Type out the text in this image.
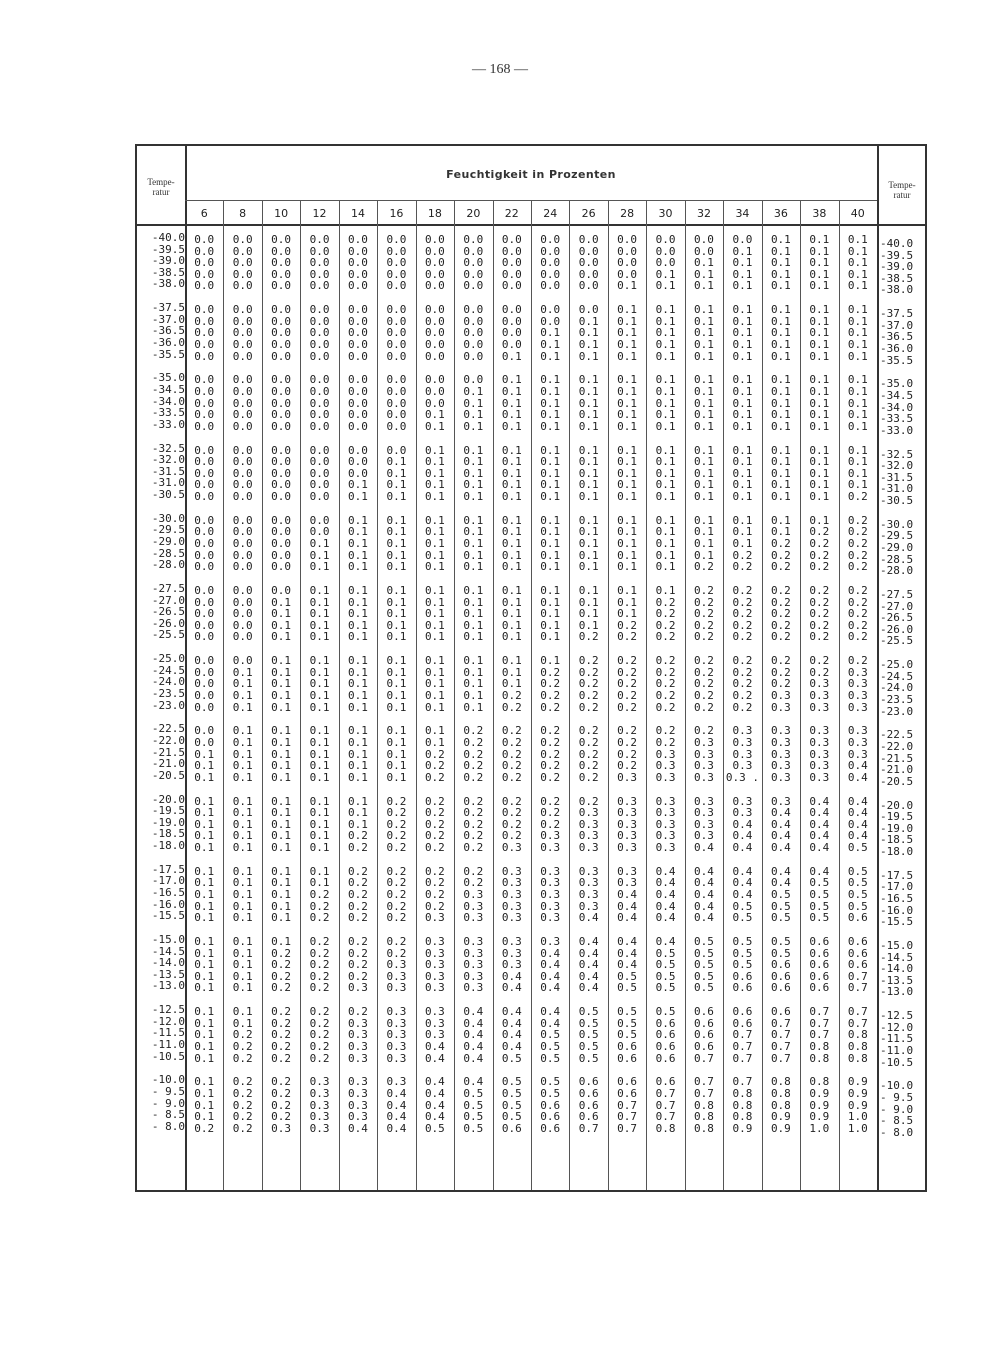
— 168 —
6	8	10	12	14	16	18	20	22	24	26	28	30	32	34	36	38	40
-40.0 0.0	0.0	0.0	0.0	0.0	0.0	0.0	0.0	0.0	0.0	0.0	0.0	0.0	0.0	0.0	0.1	0.1	0.1	-40.0
-39.5 0.0	0.0	0.0	0.0	0.0	0.0	0.0	0.0	0.0	0.0	0.0	0.0	0.0	0.0	0.1	0.1	0.1	0.1	-39.5
-39.0 0.0	0.0	0.0	0.0	0.0	0.0	0.0	0.0	0.0	0.0	0.0	0.0	0.0	0.1	0.1	0.1	0.1	0.1	-39.0
-38.5 0.0	0.0	0.0	0.0	0.0	0.0	0.0	0.0	0.0	0.0	0.0	0.0	0.1	0.1	0.1	0.1	0.1	0.1	-38.5
-38.0 0.0	0.0	0.0	0.0	0.0	0.0	0.0	0.0	0.0	0.0	0.0	0.1	0.1	0.1	0.1	0.1	0.1	0.1	-38.0
-37.5 0.0	0.0	0.0	0.0	0.0	0.0	0.0	0.0	0.0	0.0	0.0	0.1	0.1	0.1	0.1	0.1	0.1	0.1	-37.5
-37.0 0.0	0.0	0.0	0.0	0.0	0.0	0.0	0.0	0.0	0.0	0.1	0.1	0.1	0.1	0.1	0.1	0.1	0.1	-37.0
-36.5 0.0	0.0	0.0	0.0	0.0	0.0	0.0	0.0	0.0	0.1	0.1	0.1	0.1	0.1	0.1	0.1	0.1	0.1	-36.5
-36.0 0.0	0.0	0.0	0.0	0.0	0.0	0.0	0.0	0.0	0.1	0.1	0.1	0.1	0.1	0.1	0.1	0.1	0.1	-36.0
-35.5 0.0	0.0	0.0	0.0	0.0	0.0	0.0	0.0	0.1	0.1	0.1	0.1	0.1	0.1	0.1	0.1	0.1	0.1	-35.5
-35.0 0.0	0.0	0.0	0.0	0.0	0.0	0.0	0.0	0.1	0.1	0.1	0.1	0.1	0.1	0.1	0.1	0.1	0.1	-35.0
-34.5 0.0	0.0	0.0	0.0	0.0	0.0	0.0	0.1	0.1	0.1	0.1	0.1	0.1	0.1	0.1	0.1	0.1	0.1	-34.5
-34.0 0.0	0.0	0.0	0.0	0.0	0.0	0.0	0.1	0.1	0.1	0.1	0.1	0.1	0.1	0.1	0.1	0.1	0.1	-34.0
-33.5 0.0	0.0	0.0	0.0	0.0	0.0	0.1	0.1	0.1	0.1	0.1	0.1	0.1	0.1	0.1	0.1	0.1	0.1	-33.5
-33.0 0.0	0.0	0.0	0.0	0.0	0.0	0.1	0.1	0.1	0.1	0.1	0.1	0.1	0.1	0.1	0.1	0.1	0.1	-33.0
-32.5 0.0	0.0	0.0	0.0	0.0	0.0	0.1	0.1	0.1	0.1	0.1	0.1	0.1	0.1	0.1	0.1	0.1	0.1	-32.5
-32.0 0.0	0.0	0.0	0.0	0.0	0.1	0.1	0.1	0.1	0.1	0.1	0.1	0.1	0.1	0.1	0.1	0.1	0.1	-32.0
-31.5 0.0	0.0	0.0	0.0	0.0	0.1	0.1	0.1	0.1	0.1	0.1	0.1	0.1	0.1	0.1	0.1	0.1	0.1	-31.5
-31.0 0.0	0.0	0.0	0.0	0.1	0.1	0.1	0.1	0.1	0.1	0.1	0.1	0.1	0.1	0.1	0.1	0.1	0.1	-31.0
-30.5 0.0	0.0	0.0	0.0	0.1	0.1	0.1	0.1	0.1	0.1	0.1	0.1	0.1	0.1	0.1	0.1	0.1	0.2	-30.5
-30.0 0.0	0.0	0.0	0.0	0.1	0.1	0.1	0.1	0.1	0.1	0.1	0.1	0.1	0.1	0.1	0.1	0.1	0.2	-30.0
-29.5 0.0	0.0	0.0	0.0	0.1	0.1	0.1	0.1	0.1	0.1	0.1	0.1	0.1	0.1	0.1	0.1	0.2	0.2	-29.5
-29.0 0.0	0.0	0.0	0.1	0.1	0.1	0.1	0.1	0.1	0.1	0.1	0.1	0.1	0.1	0.1	0.2	0.2	0.2	-29.0
-28.5 0.0	0.0	0.0	0.1	0.1	0.1	0.1	0.1	0.1	0.1	0.1	0.1	0.1	0.1	0.2	0.2	0.2	0.2	-28.5
-28.0 0.0	0.0	0.0	0.1	0.1	0.1	0.1	0.1	0.1	0.1	0.1	0.1	0.1	0.2	0.2	0.2	0.2	0.2	-28.0
-27.5 0.0	0.0	0.0	0.1	0.1	0.1	0.1	0.1	0.1	0.1	0.1	0.1	0.1	0.2	0.2	0.2	0.2	0.2	-27.5
-27.0 0.0	0.0	0.1	0.1	0.1	0.1	0.1	0.1	0.1	0.1	0.1	0.1	0.2	0.2	0.2	0.2	0.2	0.2	-27.0
-26.5 0.0	0.0	0.1	0.1	0.1	0.1	0.1	0.1	0.1	0.1	0.1	0.1	0.2	0.2	0.2	0.2	0.2	0.2	-26.5
-26.0 0.0	0.0	0.1	0.1	0.1	0.1	0.1	0.1	0.1	0.1	0.1	0.2	0.2	0.2	0.2	0.2	0.2	0.2	-26.0
-25.5 0.0	0.0	0.1	0.1	0.1	0.1	0.1	0.1	0.1	0.1	0.2	0.2	0.2	0.2	0.2	0.2	0.2	0.2	-25.5
-25.0 0.0	0.0	0.1	0.1	0.1	0.1	0.1	0.1	0.1	0.1	0.2	0.2	0.2	0.2	0.2	0.2	0.2	0.2	-25.0
-24.5 0.0	0.1	0.1	0.1	0.1	0.1	0.1	0.1	0.1	0.2	0.2	0.2	0.2	0.2	0.2	0.2	0.2	0.3	-24.5
-24.0 0.0	0.1	0.1	0.1	0.1	0.1	0.1	0.1	0.1	0.2	0.2	0.2	0.2	0.2	0.2	0.2	0.3	0.3	-24.0
-23.5 0.0	0.1	0.1	0.1	0.1	0.1	0.1	0.1	0.2	0.2	0.2	0.2	0.2	0.2	0.2	0.3	0.3	0.3	-23.5
-23.0 0.0	0.1	0.1	0.1	0.1	0.1	0.1	0.1	0.2	0.2	0.2	0.2	0.2	0.2	0.2	0.3	0.3	0.3	-23.0
-22.5 0.0	0.1	0.1	0.1	0.1	0.1	0.1	0.2	0.2	0.2	0.2	0.2	0.2	0.2	0.3	0.3	0.3	0.3	-22.5
-22.0 0.0	0.1	0.1	0.1	0.1	0.1	0.1	0.2	0.2	0.2	0.2	0.2	0.2	0.3	0.3	0.3	0.3	0.3	-22.0
-21.5 0.1	0.1	0.1	0.1	0.1	0.1	0.2	0.2	0.2	0.2	0.2	0.2	0.3	0.3	0.3	0.3	0.3	0.3	-21.5
-21.0 0.1	0.1	0.1	0.1	0.1	0.1	0.2	0.2	0.2	0.2	0.2	0.2	0.3	0.3	0.3	0.3	0.3	0.4	-21.0
-20.5 0.1	0.1	0.1	0.1	0.1	0.1	0.2	0.2	0.2	0.2	0.2	0.3	0.3	0.3	0.3 .	0.3	0.3	0.4	-20.5
-20.0 0.1	0.1	0.1	0.1	0.1	0.2	0.2	0.2	0.2	0.2	0.2	0.3	0.3	0.3	0.3	0.3	0.4	0.4	-20.0
-19.5 0.1	0.1	0.1	0.1	0.1	0.2	0.2	0.2	0.2	0.2	0.3	0.3	0.3	0.3	0.3	0.4	0.4	0.4	-19.5
-19.0 0.1	0.1	0.1	0.1	0.1	0.2	0.2	0.2	0.2	0.2	0.3	0.3	0.3	0.3	0.4	0.4	0.4	0.4	-19.0
-18.5 0.1	0.1	0.1	0.1	0.2	0.2	0.2	0.2	0.2	0.3	0.3	0.3	0.3	0.3	0.4	0.4	0.4	0.4	-18.5
-18.0 0.1	0.1	0.1	0.1	0.2	0.2	0.2	0.2	0.3	0.3	0.3	0.3	0.3	0.4	0.4	0.4	0.4	0.5	-18.0
-17.5 0.1	0.1	0.1	0.1	0.2	0.2	0.2	0.2	0.3	0.3	0.3	0.3	0.4	0.4	0.4	0.4	0.4	0.5	-17.5
-17.0 0.1	0.1	0.1	0.1	0.2	0.2	0.2	0.2	0.3	0.3	0.3	0.3	0.4	0.4	0.4	0.4	0.5	0.5	-17.0
-16.5 0.1	0.1	0.1	0.2	0.2	0.2	0.2	0.3	0.3	0.3	0.3	0.4	0.4	0.4	0.4	0.5	0.5	0.5	-16.5
-16.0 0.1	0.1	0.1	0.2	0.2	0.2	0.2	0.3	0.3	0.3	0.3	0.4	0.4	0.4	0.5	0.5	0.5	0.5	-16.0
-15.5 0.1	0.1	0.1	0.2	0.2	0.2	0.3	0.3	0.3	0.3	0.4	0.4	0.4	0.4	0.5	0.5	0.5	0.6	-15.5
-15.0 0.1	0.1	0.1	0.2	0.2	0.2	0.3	0.3	0.3	0.3	0.4	0.4	0.4	0.5	0.5	0.5	0.6	0.6	-15.0
-14.5 0.1	0.1	0.2	0.2	0.2	0.2	0.3	0.3	0.3	0.4	0.4	0.4	0.5	0.5	0.5	0.5	0.6	0.6	-14.5
-14.0 0.1	0.1	0.2	0.2	0.2	0.3	0.3	0.3	0.3	0.4	0.4	0.4	0.5	0.5	0.5	0.6	0.6	0.6	-14.0
-13.5 0.1	0.1	0.2	0.2	0.2	0.3	0.3	0.3	0.4	0.4	0.4	0.5	0.5	0.5	0.6	0.6	0.6	0.7	-13.5
-13.0 0.1	0.1	0.2	0.2	0.3	0.3	0.3	0.3	0.4	0.4	0.4	0.5	0.5	0.5	0.6	0.6	0.6	0.7	-13.0
-12.5 0.1	0.1	0.2	0.2	0.2	0.3	0.3	0.4	0.4	0.4	0.5	0.5	0.5	0.6	0.6	0.6	0.7	0.7	-12.5
-12.0 0.1	0.1	0.2	0.2	0.3	0.3	0.3	0.4	0.4	0.4	0.5	0.5	0.6	0.6	0.6	0.7	0.7	0.7	-12.0
-11.5 0.1	0.2	0.2	0.2	0.3	0.3	0.3	0.4	0.4	0.5	0.5	0.5	0.6	0.6	0.7	0.7	0.7	0.8	-11.5
-11.0 0.1	0.2	0.2	0.2	0.3	0.3	0.4	0.4	0.4	0.5	0.5	0.6	0.6	0.6	0.7	0.7	0.8	0.8	-11.0
-10.5 0.1	0.2	0.2	0.2	0.3	0.3	0.4	0.4	0.5	0.5	0.5	0.6	0.6	0.7	0.7	0.7	0.8	0.8	-10.5
-10.0 0.1	0.2	0.2	0.3	0.3	0.3	0.4	0.4	0.5	0.5	0.6	0.6	0.6	0.7	0.7	0.8	0.8	0.9	-10.0
- 9.5 0.1	0.2	0.2	0.3	0.3	0.4	0.4	0.5	0.5	0.5	0.6	0.6	0.7	0.7	0.8	0.8	0.9	0.9	- 9.5
- 9.0 0.1	0.2	0.2	0.3	0.3	0.4	0.4	0.5	0.5	0.6	0.6	0.7	0.7	0.8	0.8	0.8	0.9	0.9	- 9.0
- 8.5 0.1	0.2	0.2	0.3	0.3	0.4	0.4	0.5	0.5	0.6	0.6	0.7	0.7	0.8	0.8	0.9	0.9	1.0	- 8.5
- 8.0 0.2	0.2	0.3	0.3	0.4	0.4	0.5	0.5	0.6	0.6	0.7	0.7	0.8	0.8	0.9	0.9	1.0	1.0	- 8.0
Tempe-
ratur
Tempe-
ratur
Feuchtigkeit in Prozenten
